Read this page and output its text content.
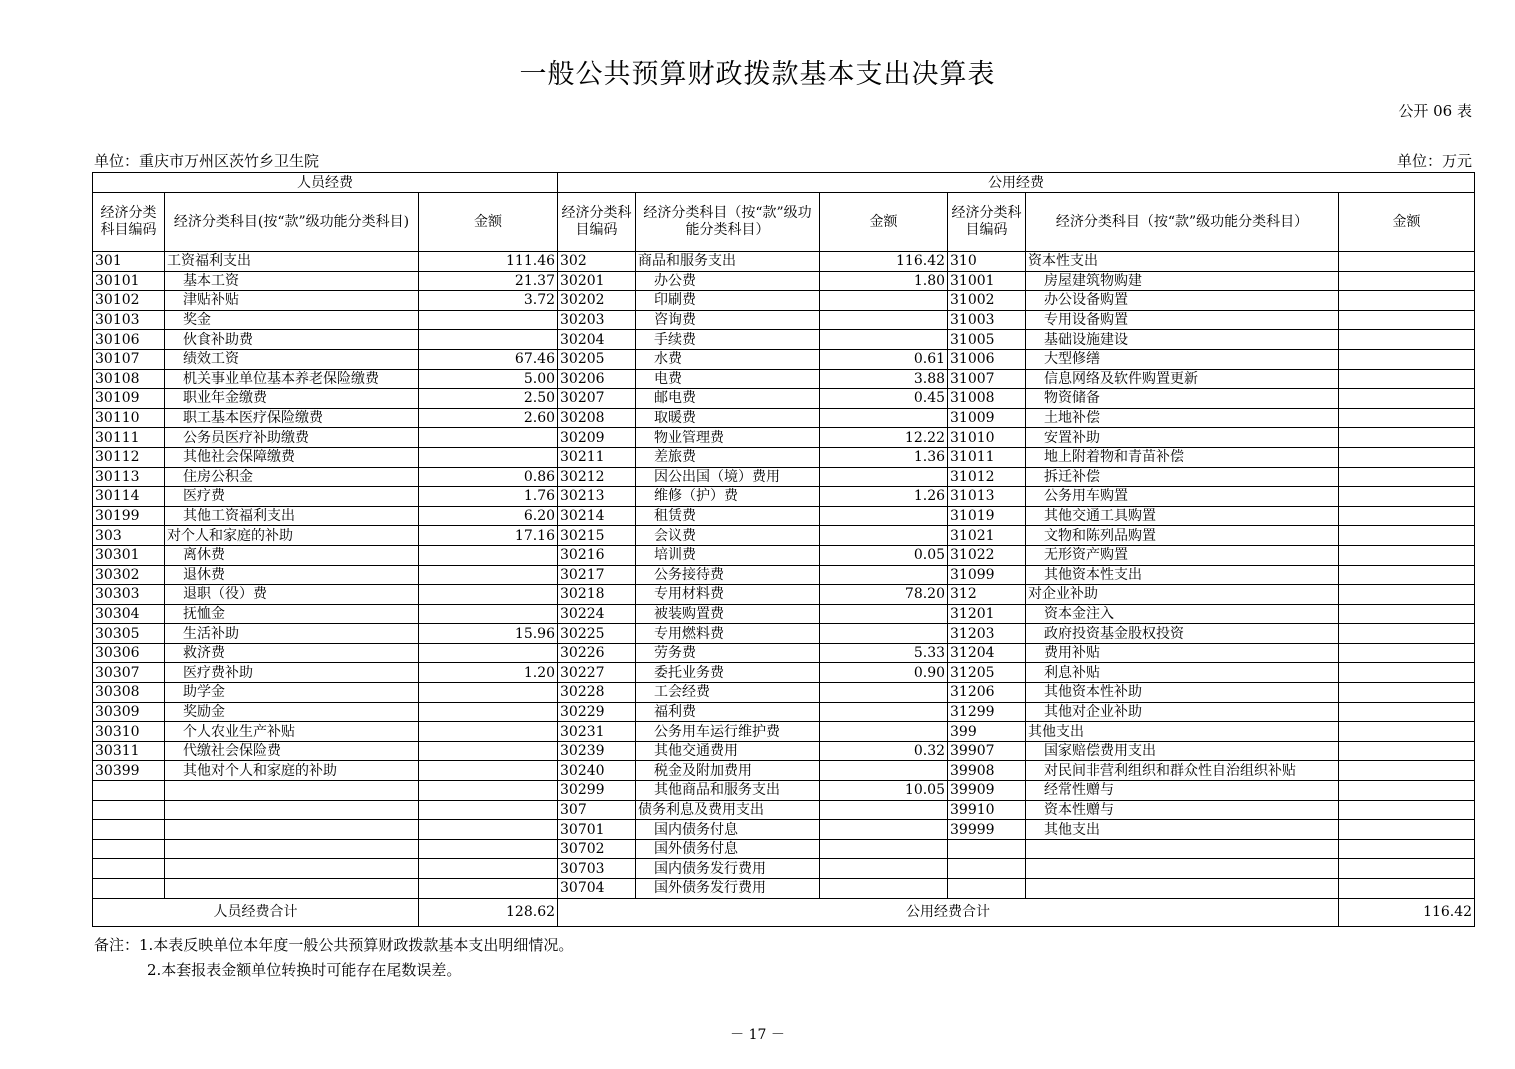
一般公共预算财政拨款基本支出决算表
公开 06 表
单位：重庆市万州区茨竹乡卫生院	单位：万元
人员经费			公用经费					
经济分类科目编码	经济分类科目(按“款”级功能分类科目)	金额	经济分类科目编码	经济分类科目（按“款”级功能分类科目）	金额	经济分类科目编码	经济分类科目（按“款”级功能分类科目）	金额
301	工资福利支出	111.46	302	商品和服务支出	116.42	310	资本性支出	
30101	基本工资	21.37	30201	办公费	1.80	31001	房屋建筑物购建	
30102	津贴补贴	3.72	30202	印刷费		31002	办公设备购置	
30103	奖金		30203	咨询费		31003	专用设备购置	
30106	伙食补助费		30204	手续费		31005	基础设施建设	
30107	绩效工资	67.46	30205	水费	0.61	31006	大型修缮	
30108	机关事业单位基本养老保险缴费	5.00	30206	电费	3.88	31007	信息网络及软件购置更新	
30109	职业年金缴费	2.50	30207	邮电费	0.45	31008	物资储备	
30110	职工基本医疗保险缴费	2.60	30208	取暖费		31009	土地补偿	
30111	公务员医疗补助缴费		30209	物业管理费	12.22	31010	安置补助	
30112	其他社会保障缴费		30211	差旅费	1.36	31011	地上附着物和青苗补偿	
30113	住房公积金	0.86	30212	因公出国（境）费用		31012	拆迁补偿	
30114	医疗费	1.76	30213	维修（护）费	1.26	31013	公务用车购置	
30199	其他工资福利支出	6.20	30214	租赁费		31019	其他交通工具购置	
303	对个人和家庭的补助	17.16	30215	会议费		31021	文物和陈列品购置	
30301	离休费		30216	培训费	0.05	31022	无形资产购置	
30302	退休费		30217	公务接待费		31099	其他资本性支出	
30303	退职（役）费		30218	专用材料费	78.20	312	对企业补助	
30304	抚恤金		30224	被装购置费		31201	资本金注入	
30305	生活补助	15.96	30225	专用燃料费		31203	政府投资基金股权投资	
30306	救济费		30226	劳务费	5.33	31204	费用补贴	
30307	医疗费补助	1.20	30227	委托业务费	0.90	31205	利息补贴	
30308	助学金		30228	工会经费		31206	其他资本性补助	
30309	奖励金		30229	福利费		31299	其他对企业补助	
30310	个人农业生产补贴		30231	公务用车运行维护费		399	其他支出	
30311	代缴社会保险费		30239	其他交通费用	0.32	39907	国家赔偿费用支出	
30399	其他对个人和家庭的补助		30240	税金及附加费用		39908	对民间非营利组织和群众性自治组织补贴	
			30299	其他商品和服务支出	10.05	39909	经常性赠与	
			307	债务利息及费用支出		39910	资本性赠与	
			30701	国内债务付息		39999	其他支出	
			30702	国外债务付息				
			30703	国内债务发行费用				
			30704	国外债务发行费用				
人员经费合计		128.62	公用经费合计					116.42
备注：1.本表反映单位本年度一般公共预算财政拨款基本支出明细情况。
2.本套报表金额单位转换时可能存在尾数误差。
－ 17 －
